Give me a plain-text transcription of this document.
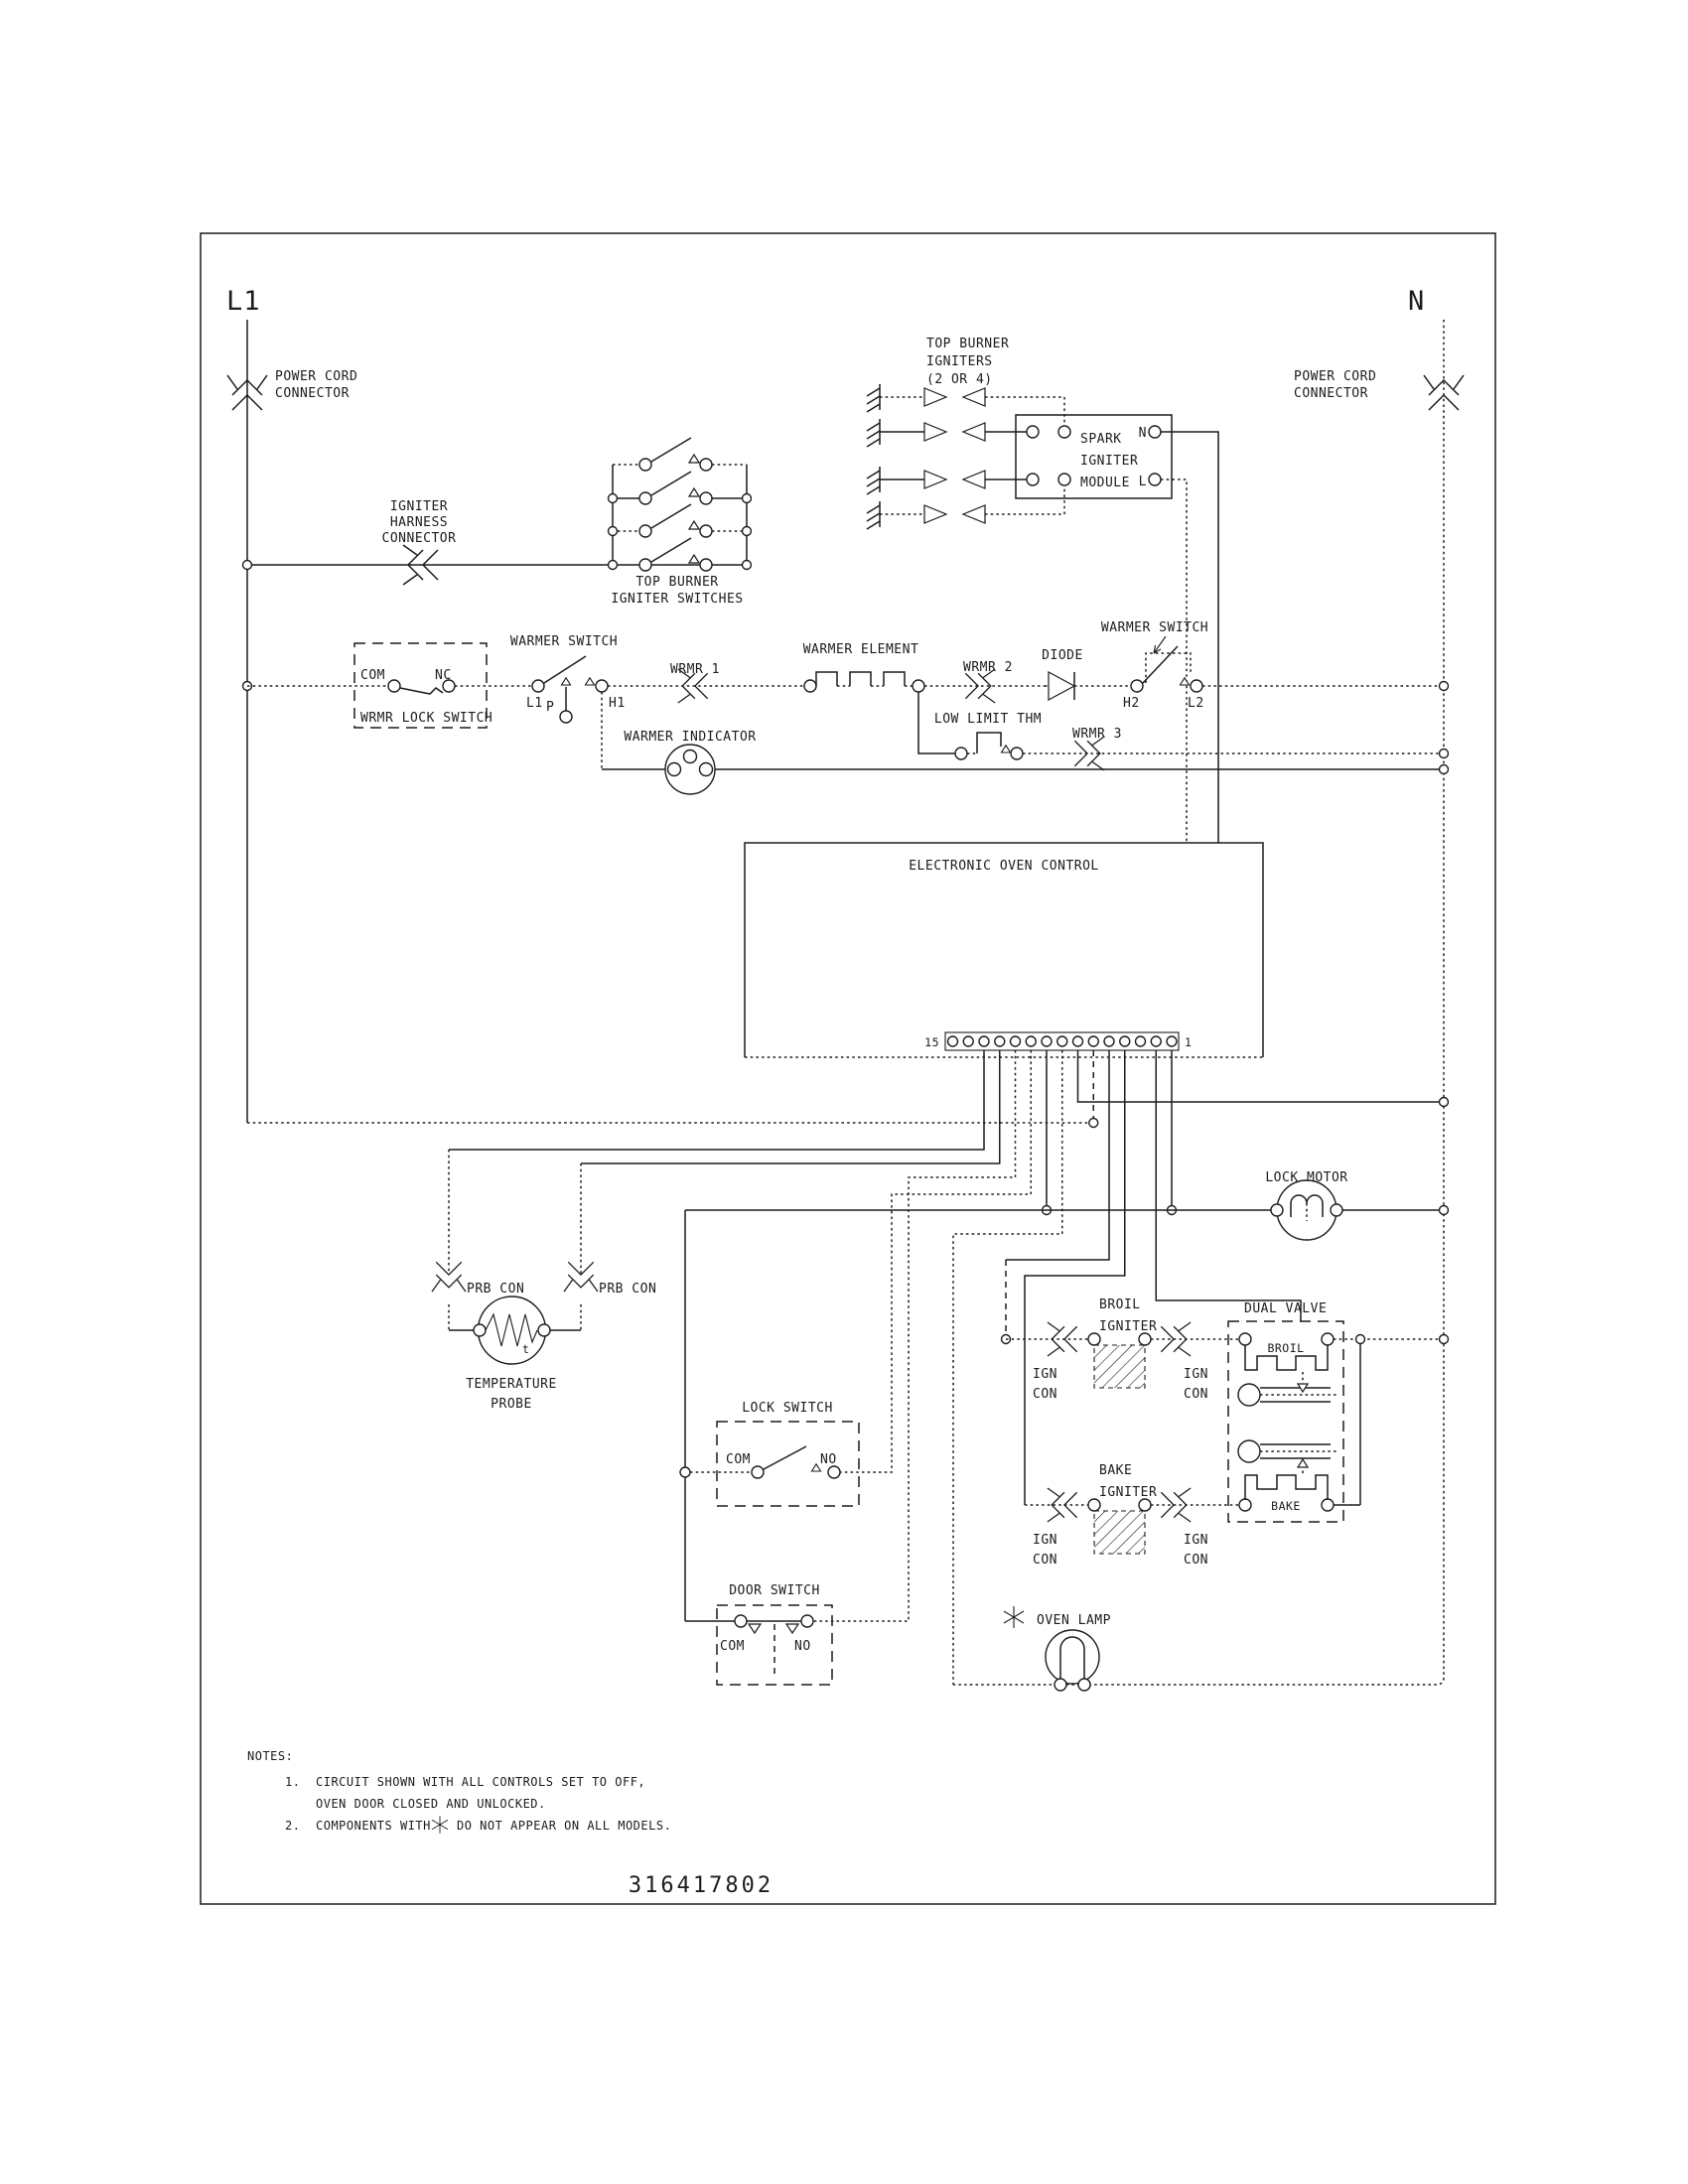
L1	N
POWER CORD
CONNECTOR
POWER CORD
CONNECTOR
IGNITER
HARNESS
CONNECTOR
TOP BURNER
IGNITER SWITCHES
TOP BURNER
IGNITERS
(2 OR 4)
SPARK
IGNITER
MODULE
N
L
COM	NC
WRMR LOCK SWITCH
WARMER SWITCH
L1 P	H1
WRMR 1
WARMER ELEMENT
WRMR 2
DIODE
WARMER SWITCH
H2	L2
WARMER INDICATOR
LOW LIMIT THM
WRMR 3
ELECTRONIC OVEN CONTROL
15	1
t
PRB CON	PRB CON
TEMPERATURE
PROBE
LOCK MOTOR
COM	NO
LOCK SWITCH
COM	NO
DOOR SWITCH
BROIL
IGNITER
IGN
CON
IGN
CON
DUAL VALVE
BROIL
BAKE
BAKE
IGNITER
IGN
CON
IGN
CON
OVEN LAMP
NOTES:
1. CIRCUIT SHOWN WITH ALL CONTROLS SET TO OFF,
OVEN DOOR CLOSED AND UNLOCKED.
2. COMPONENTS WITH DO NOT APPEAR ON ALL MODELS.
316417802
